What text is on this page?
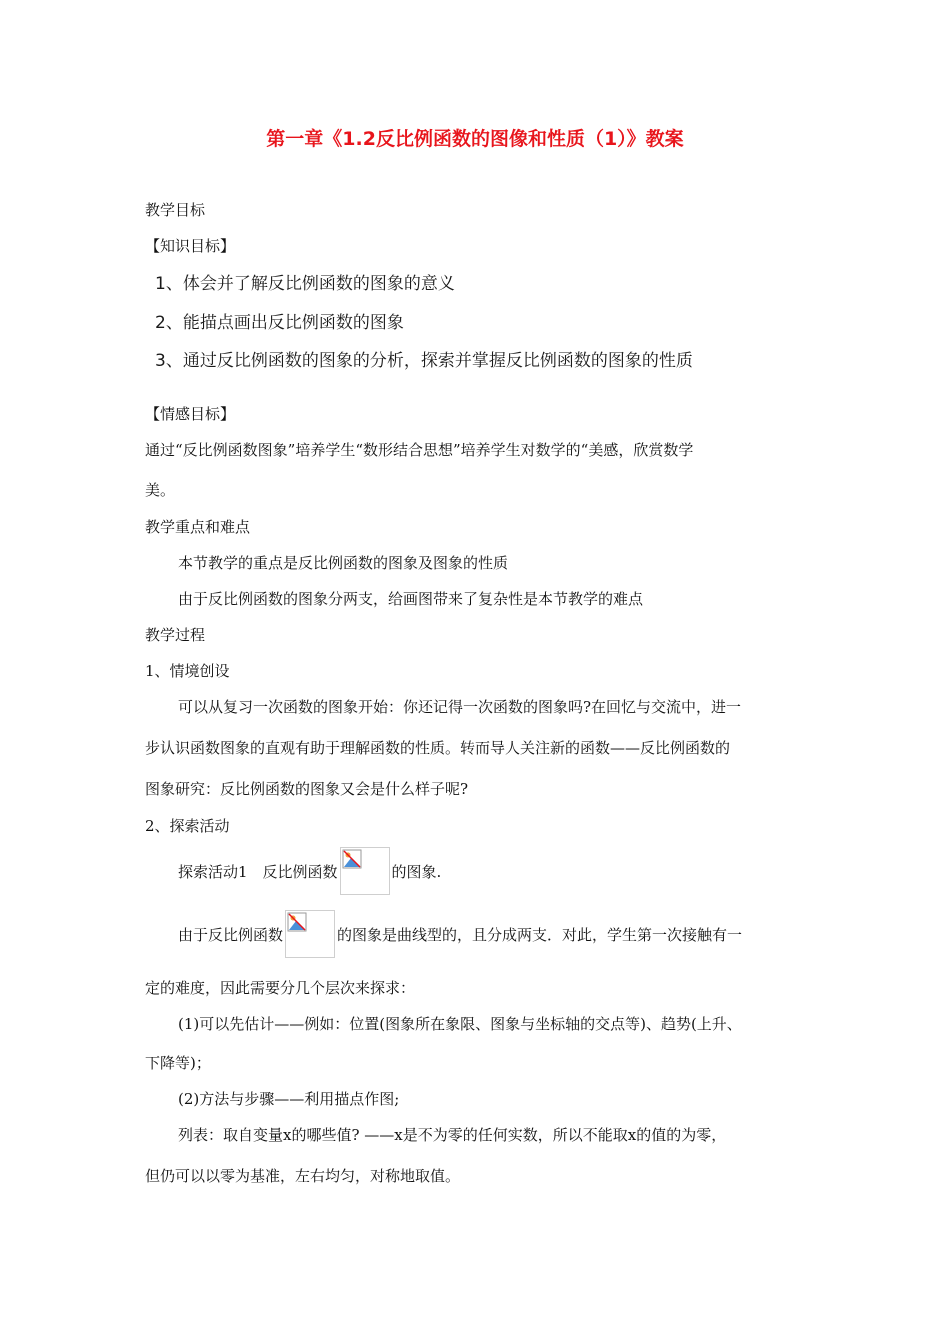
第一章《1.2反比例函数的图像和性质（1）》教案
教学目标
【知识目标】
1、体会并了解反比例函数的图象的意义
2、能描点画出反比例函数的图象
3、通过反比例函数的图象的分析，探索并掌握反比例函数的图象的性质
【情感目标】
通过“反比例函数图象”培养学生“数形结合思想”培养学生对数学的“美感，欣赏数学
美。
教学重点和难点
本节教学的重点是反比例函数的图象及图象的性质
由于反比例函数的图象分两支，给画图带来了复杂性是本节教学的难点
教学过程
1、情境创设
可以从复习一次函数的图象开始：你还记得一次函数的图象吗?在回忆与交流中，进一
步认识函数图象的直观有助于理解函数的性质。转而导人关注新的函数——反比例函数的
图象研究：反比例函数的图象又会是什么样子呢?
2、探索活动
探索活动1　反比例函数	的图象.
由于反比例函数	的图象是曲线型的，且分成两支．对此，学生第一次接触有一
定的难度，因此需要分几个层次来探求：
(1)可以先估计——例如：位置(图象所在象限、图象与坐标轴的交点等)、趋势(上升、
下降等)；
(2)方法与步骤——利用描点作图;
列表：取自变量x的哪些值? ——x是不为零的任何实数，所以不能取x的值的为零，
但仍可以以零为基准，左右均匀，对称地取值。
